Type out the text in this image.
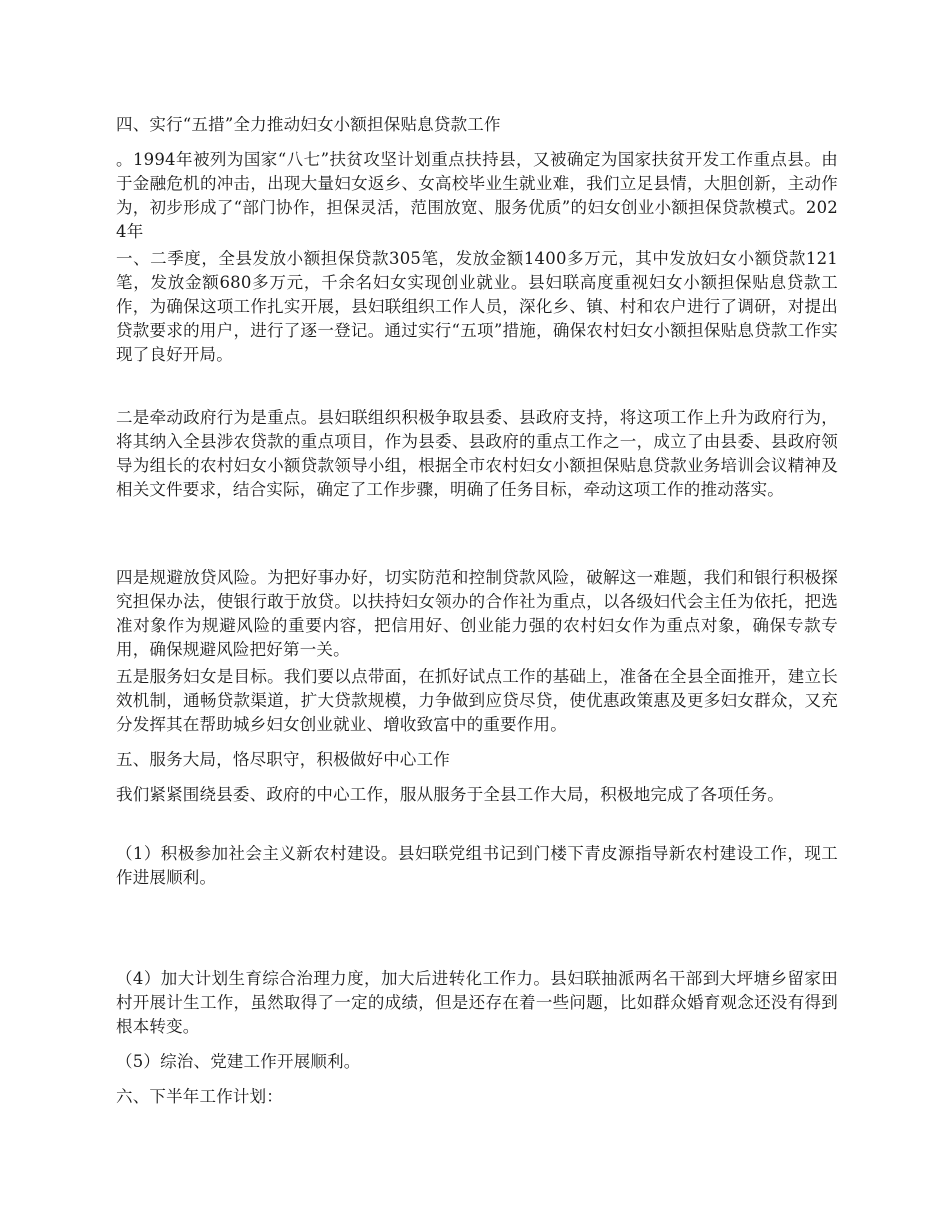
四、实行“五措”全力推动妇女小额担保贴息贷款工作

。1994年被列为国家“八七”扶贫攻坚计划重点扶持县，又被确定为国家扶贫开发工作重点县。由于金融危机的冲击，出现大量妇女返乡、女高校毕业生就业难，我们立足县情，大胆创新，主动作为，初步形成了“部门协作，担保灵活，范围放宽、服务优质”的妇女创业小额担保贷款模式。2024年

一、二季度，全县发放小额担保贷款305笔，发放金额1400多万元，其中发放妇女小额贷款121笔，发放金额680多万元，千余名妇女实现创业就业。县妇联高度重视妇女小额担保贴息贷款工作，为确保这项工作扎实开展，县妇联组织工作人员，深化乡、镇、村和农户进行了调研，对提出贷款要求的用户，进行了逐一登记。通过实行“五项”措施，确保农村妇女小额担保贴息贷款工作实现了良好开局。

二是牵动政府行为是重点。县妇联组织积极争取县委、县政府支持，将这项工作上升为政府行为，将其纳入全县涉农贷款的重点项目，作为县委、县政府的重点工作之一，成立了由县委、县政府领导为组长的农村妇女小额贷款领导小组，根据全市农村妇女小额担保贴息贷款业务培训会议精神及相关文件要求，结合实际，确定了工作步骤，明确了任务目标，牵动这项工作的推动落实。

四是规避放贷风险。为把好事办好，切实防范和控制贷款风险，破解这一难题，我们和银行积极探究担保办法，使银行敢于放贷。以扶持妇女领办的合作社为重点，以各级妇代会主任为依托，把选准对象作为规避风险的重要内容，把信用好、创业能力强的农村妇女作为重点对象，确保专款专用，确保规避风险把好第一关。

五是服务妇女是目标。我们要以点带面，在抓好试点工作的基础上，准备在全县全面推开，建立长效机制，通畅贷款渠道，扩大贷款规模，力争做到应贷尽贷，使优惠政策惠及更多妇女群众，又充分发挥其在帮助城乡妇女创业就业、增收致富中的重要作用。

五、服务大局，恪尽职守，积极做好中心工作

我们紧紧围绕县委、政府的中心工作，服从服务于全县工作大局，积极地完成了各项任务。

（1）积极参加社会主义新农村建设。县妇联党组书记到门楼下青皮源指导新农村建设工作，现工作进展顺利。

（4）加大计划生育综合治理力度，加大后进转化工作力。县妇联抽派两名干部到大坪塘乡留家田村开展计生工作，虽然取得了一定的成绩，但是还存在着一些问题，比如群众婚育观念还没有得到根本转变。

（5）综治、党建工作开展顺利。

六、下半年工作计划：
